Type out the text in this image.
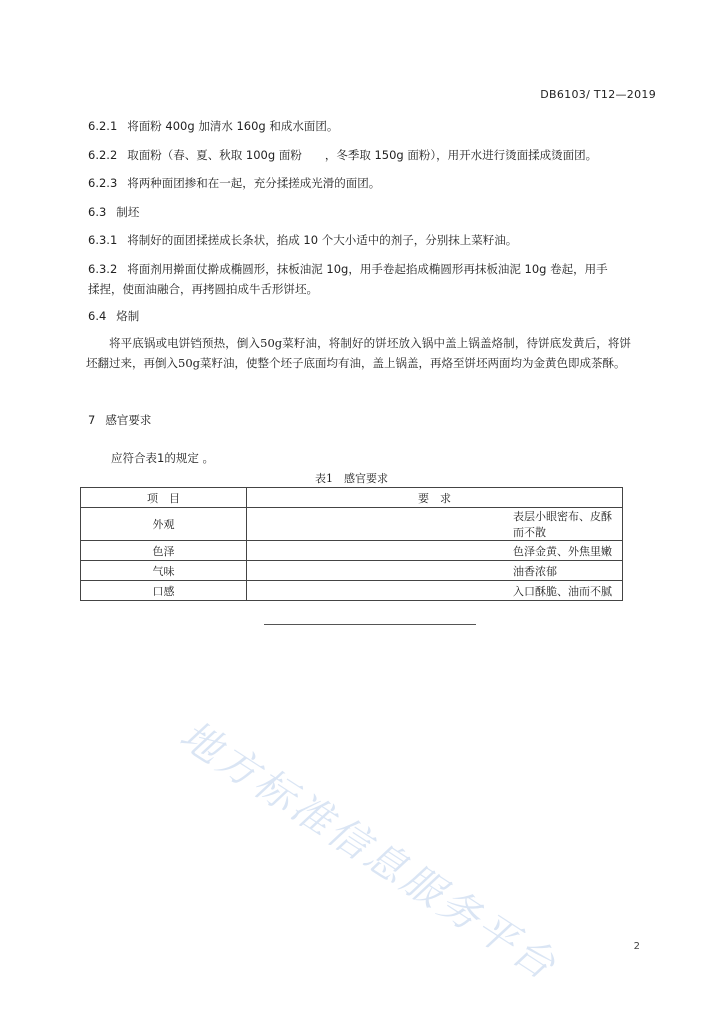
DB6103/ T12—2019
6.2.1 将面粉 400g 加清水 160g 和成水面团。
6.2.2 取面粉（春、夏、秋取 100g 面粉　　，冬季取 150g 面粉），用开水进行烫面揉成烫面团。
6.2.3 将两种面团掺和在一起，充分揉搓成光滑的面团。
6.3 制坯
6.3.1 将制好的面团揉搓成长条状，掐成 10 个大小适中的剂子，分别抹上菜籽油。
6.3.2 将面剂用擀面仗擀成椭圆形，抹板油泥 10g，用手卷起掐成椭圆形再抹板油泥 10g 卷起，用手
揉捏，使面油融合，再拷圆拍成牛舌形饼坯。
6.4 烙制
将平底锅或电饼铛预热，倒入50g菜籽油，将制好的饼坯放入锅中盖上锅盖烙制，待饼底发黄后，将饼坯翻过来，再倒入50g菜籽油，使整个坯子底面均有油，盖上锅盖，再烙至饼坯两面均为金黄色即成茶酥。
7 感官要求
应符合表1的规定 。
表1　感官要求
项　目	要　求
外观	表层小眼密布、皮酥而不散
色泽	色泽金黄、外焦里嫩
气味	油香浓郁
口感	入口酥脆、油而不腻
地方标准信息服务平台	2
